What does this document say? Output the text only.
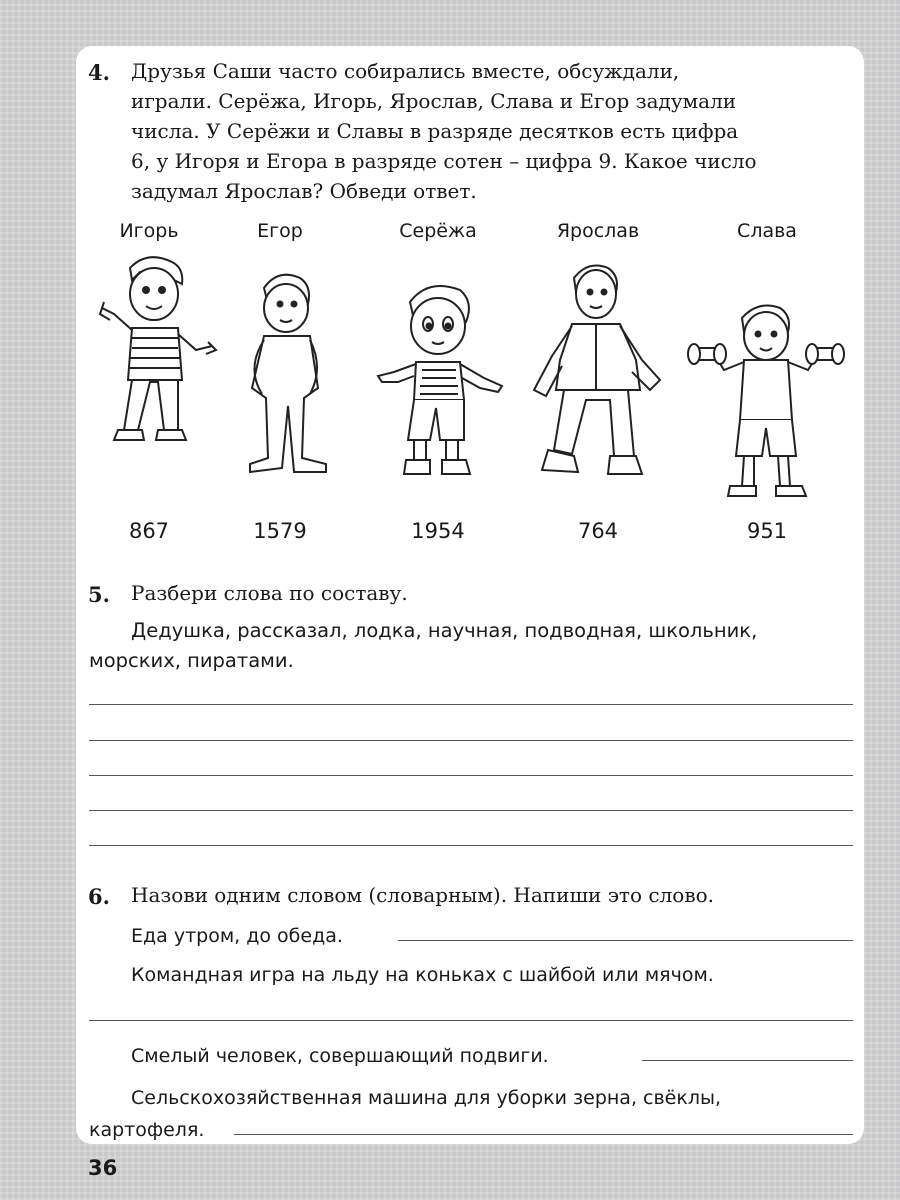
4. Друзья Саши часто собирались вместе, обсуждали,
играли. Серёжа, Игорь, Ярослав, Слава и Егор задумали
числа. У Серёжи и Славы в разряде десятков есть цифра
6, у Игоря и Егора в разряде сотен – цифра 9. Какое число
задумал Ярослав? Обведи ответ.
Игорь	Егор	Серёжа	Ярослав	Слава
867	1579	1954	764	951
5. Разбери слова по составу.
Дедушка, рассказал, лодка, научная, подводная, школьник,
морских, пиратами.
6. Назови одним словом (словарным). Напиши это слово.
Еда утром, до обеда.
Командная игра на льду на коньках с шайбой или мячом.
Смелый человек, совершающий подвиги.
Сельскохозяйственная машина для уборки зерна, свёклы,
картофеля.
36
